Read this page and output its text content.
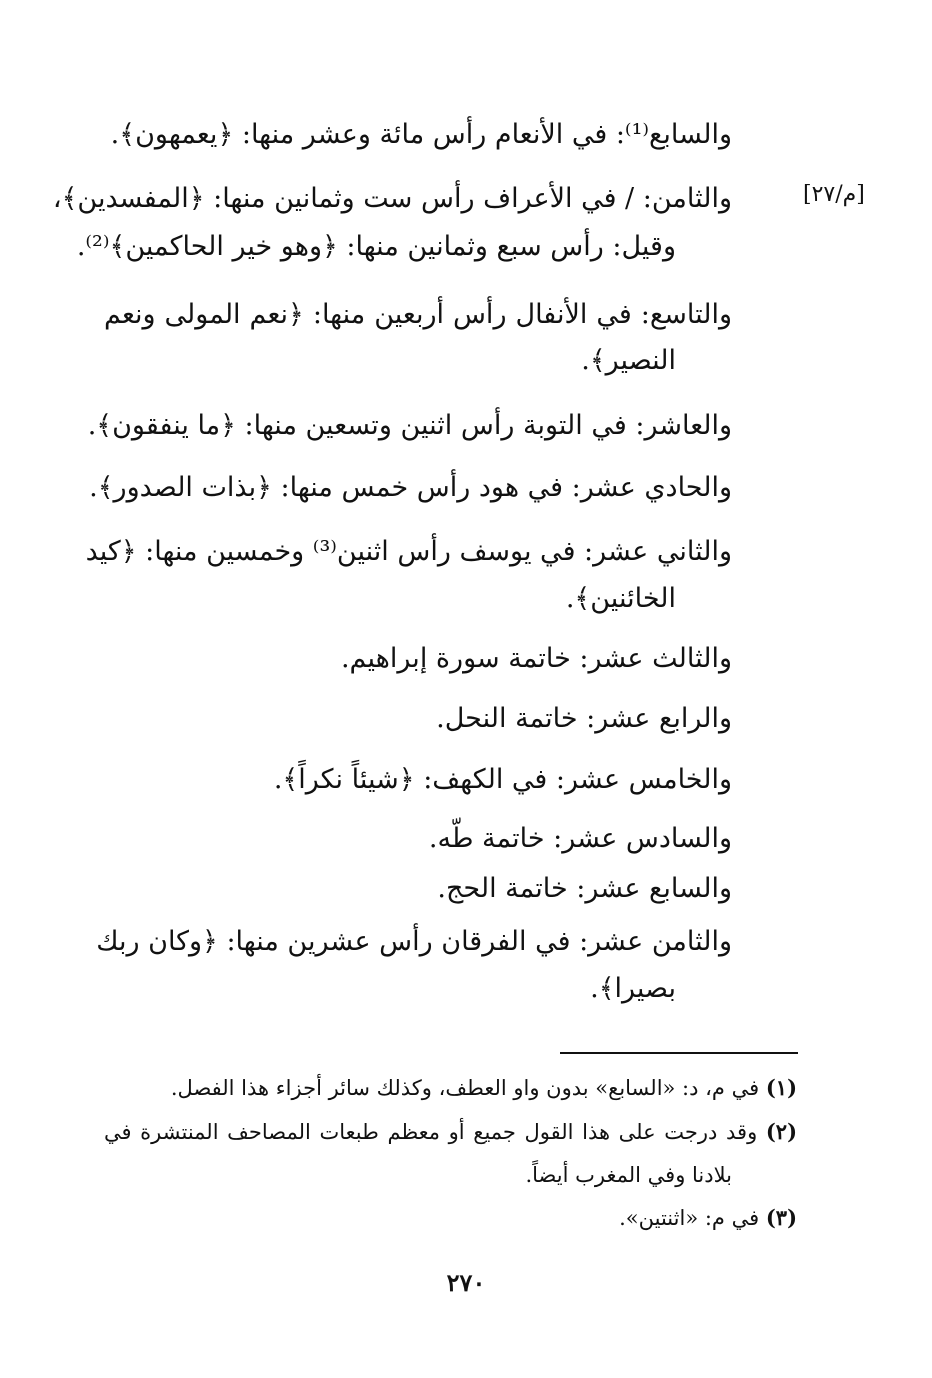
[م/٢٧]
والسابع⁽¹⁾: في الأنعام رأس مائة وعشر منها: ﴿يعمهون﴾.
والثامن: / في الأعراف رأس ست وثمانين منها: ﴿المفسدين﴾،
وقيل: رأس سبع وثمانين منها: ﴿وهو خير الحاكمين﴾⁽²⁾.
والتاسع: في الأنفال رأس أربعين منها: ﴿نعم المولى ونعم
النصير﴾.
والعاشر: في التوبة رأس اثنين وتسعين منها: ﴿ما ينفقون﴾.
والحادي عشر: في هود رأس خمس منها: ﴿بذات الصدور﴾.
والثاني عشر: في يوسف رأس اثنين⁽³⁾ وخمسين منها: ﴿كيد
الخائنين﴾.
والثالث عشر: خاتمة سورة إبراهيم.
والرابع عشر: خاتمة النحل.
والخامس عشر: في الكهف: ﴿شيئاً نكراً﴾.
والسادس عشر: خاتمة طّه.
والسابع عشر: خاتمة الحج.
والثامن عشر: في الفرقان رأس عشرين منها: ﴿وكان ربك
بصيرا﴾.
(١) في م، د: «السابع» بدون واو العطف، وكذلك سائر أجزاء هذا الفصل.
(٢) وقد درجت على هذا القول جميع أو معظم طبعات المصاحف المنتشرة في
بلادنا وفي المغرب أيضاً.
(٣) في م: «اثنتين».
٢٧٠
